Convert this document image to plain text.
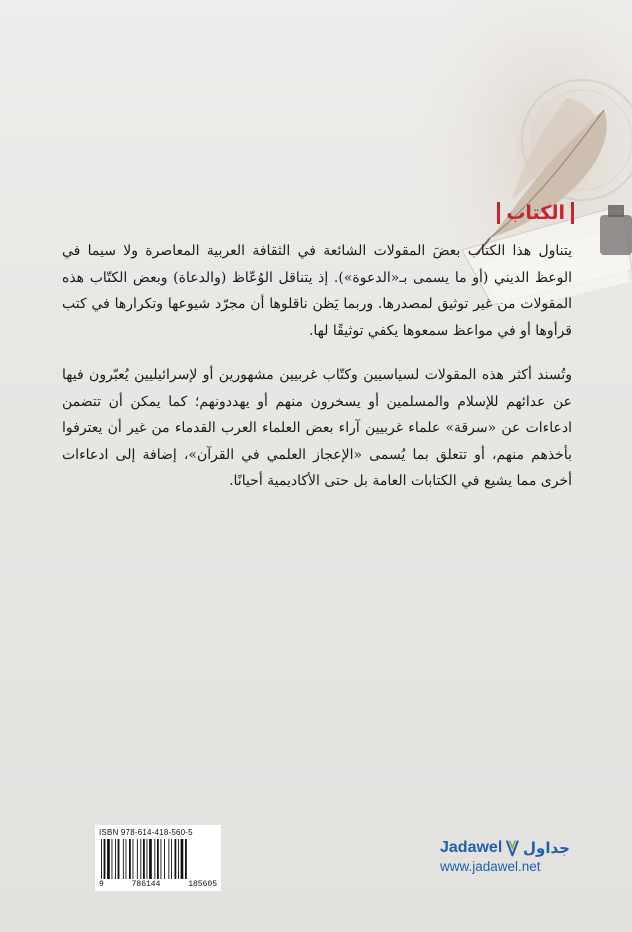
الكتاب

يتناول هذا الكتاب بعضَ المقولات الشائعة في الثقافة العربية المعاصرة ولا سيما في الوعظ الديني (أو ما يسمى بـ«الدعوة»). إذ يتناقل الوُعّاظ (والدعاة) وبعض الكتّاب هذه المقولات من غير توثيق لمصدرها. وربما يَظن ناقلوها أن مجرّد شيوعها وتكرارها في كتب قرأوها أو في مواعظ سمعوها يكفي توثيقًا لها.

وتُسند أكثر هذه المقولات لسياسيين وكتّاب غربيين مشهورين أو لإسرائيليين يُعبّرون فيها عن عدائهم للإسلام والمسلمين أو يسخرون منهم أو يهددونهم؛ كما يمكن أن تتضمن ادعاءات عن «سرقة» علماء غربيين آراء بعض العلماء العرب القدماء من غير أن يعترفوا بأخذهم منهم، أو تتعلق بما يُسمى «الإعجاز العلمي في القرآن»، إضافة إلى ادعاءات أخرى مما يشيع في الكتابات العامة بل حتى الأكاديمية أحيانًا.

ISBN 978-614-418-560-5
9	786144	185605
Jadawel جداول
www.jadawel.net
